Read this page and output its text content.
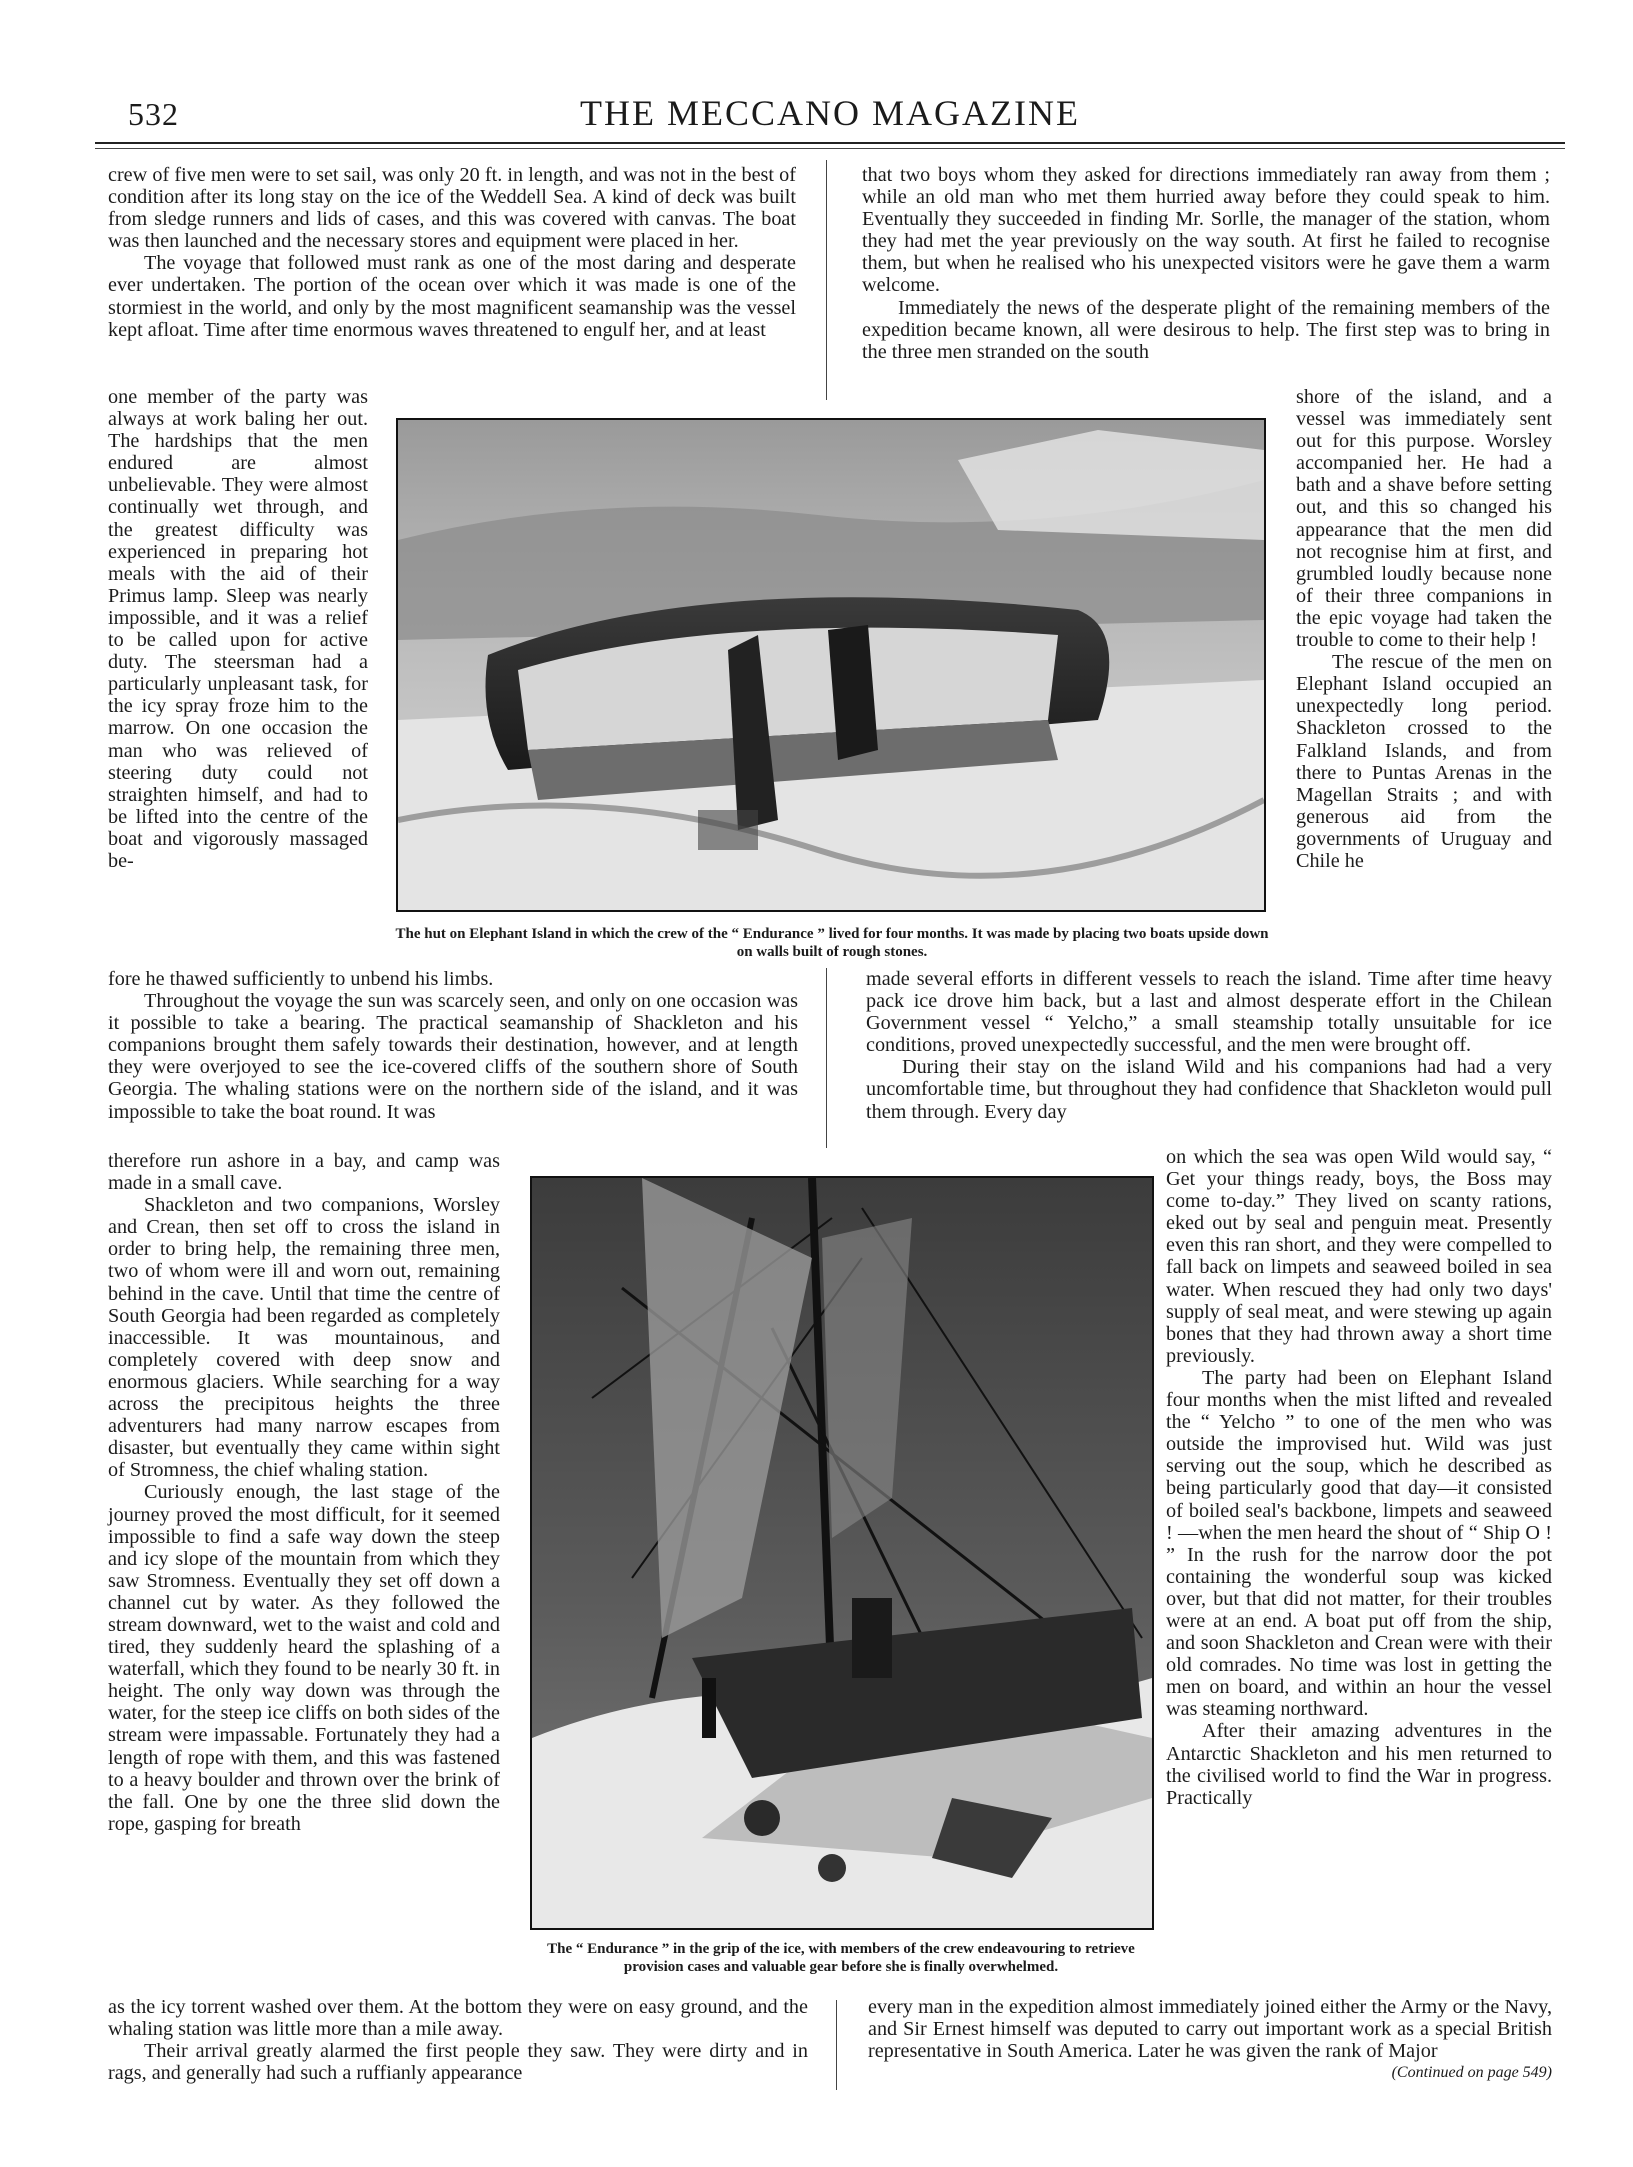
532	THE MECCANO MAGAZINE

crew of five men were to set sail, was only 20 ft. in length, and was not in the best of condition after its long stay on the ice of the Weddell Sea. A kind of deck was built from sledge runners and lids of cases, and this was covered with canvas. The boat was then launched and the necessary stores and equipment were placed in her.

The voyage that followed must rank as one of the most daring and desperate ever undertaken. The portion of the ocean over which it was made is one of the stormiest in the world, and only by the most magnificent seamanship was the vessel kept afloat. Time after time enormous waves threatened to engulf her, and at least

one member of the party was always at work baling her out. The hardships that the men endured are almost unbelievable. They were almost continually wet through, and the greatest difficulty was experienced in preparing hot meals with the aid of their Primus lamp. Sleep was nearly impossible, and it was a relief to be called upon for active duty. The steersman had a particularly unpleasant task, for the icy spray froze him to the marrow. On one occasion the man who was relieved of steering duty could not straighten himself, and had to be lifted into the centre of the boat and vigorously massaged be-

fore he thawed sufficiently to unbend his limbs.

Throughout the voyage the sun was scarcely seen, and only on one occasion was it possible to take a bearing. The practical seamanship of Shackleton and his companions brought them safely towards their destination, however, and at length they were overjoyed to see the ice-covered cliffs of the southern shore of South Georgia. The whaling stations were on the northern side of the island, and it was impossible to take the boat round. It was

therefore run ashore in a bay, and camp was made in a small cave.

Shackleton and two companions, Worsley and Crean, then set off to cross the island in order to bring help, the remaining three men, two of whom were ill and worn out, remaining behind in the cave. Until that time the centre of South Georgia had been regarded as completely inaccessible. It was mountainous, and completely covered with deep snow and enormous glaciers. While searching for a way across the precipitous heights the three adventurers had many narrow escapes from disaster, but eventually they came within sight of Stromness, the chief whaling station.

Curiously enough, the last stage of the journey proved the most difficult, for it seemed impossible to find a safe way down the steep and icy slope of the mountain from which they saw Stromness. Eventually they set off down a channel cut by water. As they followed the stream downward, wet to the waist and cold and tired, they suddenly heard the splashing of a waterfall, which they found to be nearly 30 ft. in height. The only way down was through the water, for the steep ice cliffs on both sides of the stream were impassable. Fortunately they had a length of rope with them, and this was fastened to a heavy boulder and thrown over the brink of the fall. One by one the three slid down the rope, gasping for breath

as the icy torrent washed over them. At the bottom they were on easy ground, and the whaling station was little more than a mile away.

Their arrival greatly alarmed the first people they saw. They were dirty and in rags, and generally had such a ruffianly appearance

that two boys whom they asked for directions immediately ran away from them ; while an old man who met them hurried away before they could speak to him. Eventually they succeeded in finding Mr. Sorlle, the manager of the station, whom they had met the year previously on the way south. At first he failed to recognise them, but when he realised who his unexpected visitors were he gave them a warm welcome.

Immediately the news of the desperate plight of the remaining members of the expedition became known, all were desirous to help. The first step was to bring in the three men stranded on the south

shore of the island, and a vessel was immediately sent out for this purpose. Worsley accompanied her. He had a bath and a shave before setting out, and this so changed his appearance that the men did not recognise him at first, and grumbled loudly because none of their three companions in the epic voyage had taken the trouble to come to their help !

The rescue of the men on Elephant Island occupied an unexpectedly long period. Shackleton crossed to the Falkland Islands, and from there to Puntas Arenas in the Magellan Straits ; and with generous aid from the governments of Uruguay and Chile he

made several efforts in different vessels to reach the island. Time after time heavy pack ice drove him back, but a last and almost desperate effort in the Chilean Government vessel “ Yelcho,” a small steamship totally unsuitable for ice conditions, proved unexpectedly successful, and the men were brought off.

During their stay on the island Wild and his companions had had a very uncomfortable time, but throughout they had confidence that Shackleton would pull them through. Every day

on which the sea was open Wild would say, “ Get your things ready, boys, the Boss may come to-day.” They lived on scanty rations, eked out by seal and penguin meat. Presently even this ran short, and they were compelled to fall back on limpets and seaweed boiled in sea water. When rescued they had only two days' supply of seal meat, and were stewing up again bones that they had thrown away a short time previously.

The party had been on Elephant Island four months when the mist lifted and revealed the “ Yelcho ” to one of the men who was outside the improvised hut. Wild was just serving out the soup, which he described as being particularly good that day—it consisted of boiled seal's backbone, limpets and seaweed ! —when the men heard the shout of “ Ship O ! ” In the rush for the narrow door the pot containing the wonderful soup was kicked over, but that did not matter, for their troubles were at an end. A boat put off from the ship, and soon Shackleton and Crean were with their old comrades. No time was lost in getting the men on board, and within an hour the vessel was steaming northward.

After their amazing adventures in the Antarctic Shackleton and his men returned to the civilised world to find the War in progress. Practically

every man in the expedition almost immediately joined either the Army or the Navy, and Sir Ernest himself was deputed to carry out important work as a special British representative in South America. Later he was given the rank of Major
(Continued on page 549)

The hut on Elephant Island in which the crew of the “ Endurance ” lived for four months. It was made by placing two boats upside down on walls built of rough stones.
The “ Endurance ” in the grip of the ice, with members of the crew endeavouring to retrieve provision cases and valuable gear before she is finally overwhelmed.
